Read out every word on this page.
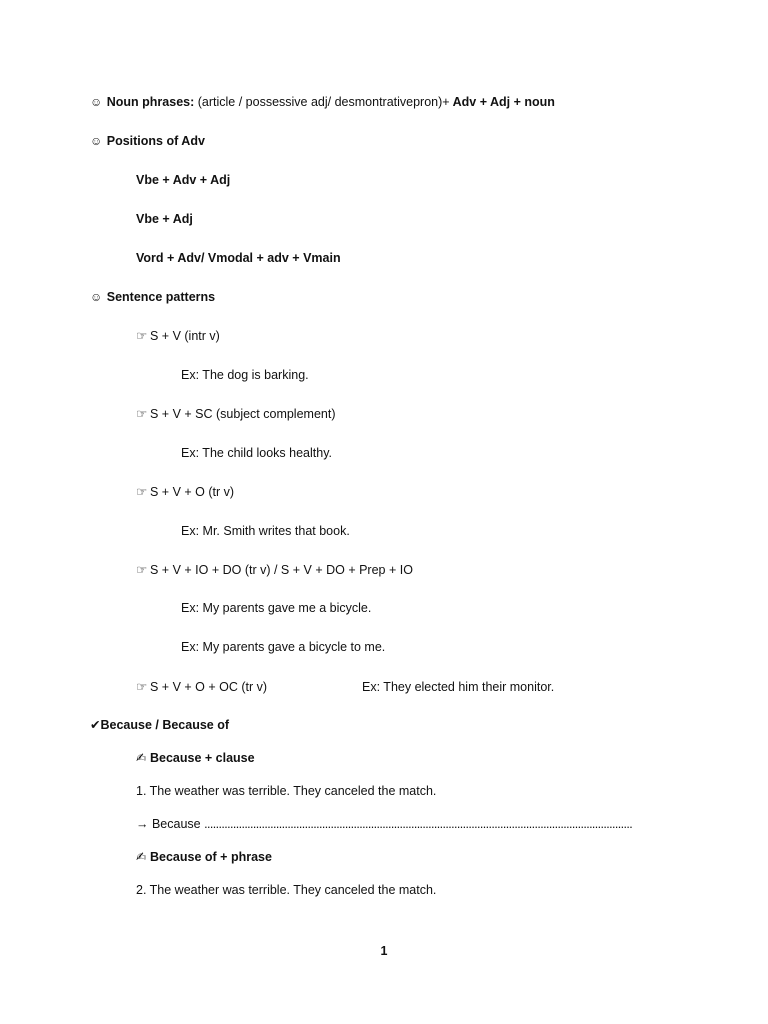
☺ Noun phrases: (article / possessive adj/ desmontrativepron)+ Adv + Adj + noun
☺ Positions of Adv
Vbe + Adv + Adj
Vbe + Adj
Vord + Adv/ Vmodal + adv + Vmain
☺ Sentence patterns
☞ S + V (intr v)
Ex: The dog is barking.
☞ S + V + SC (subject complement)
Ex: The child looks healthy.
☞ S + V + O (tr v)
Ex: Mr. Smith writes that book.
☞ S + V + IO + DO (tr v) / S + V + DO + Prep + IO
Ex: My parents gave me a bicycle.
Ex: My parents gave a bicycle to me.
☞ S + V + O + OC (tr v)	Ex: They elected him their monitor.
✔Because / Because of
✍ Because + clause
1. The weather was terrible. They canceled the match.
→ Because .....................................................................................................................................................
✍ Because of + phrase
2. The weather was terrible. They canceled the match.
1
